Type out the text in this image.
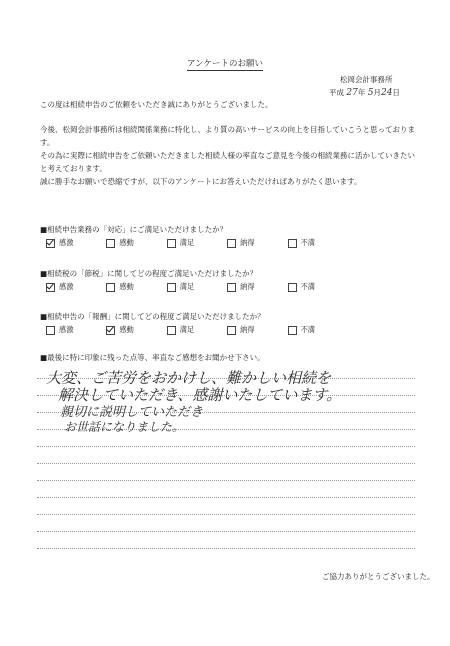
アンケートのお願い
松岡会計事務所
平成 27年 5月24日
この度は相続申告のご依頼をいただき誠にありがとうございました。
今後、松岡会計事務所は相続関係業務に特化し、より質の高いサービスの向上を目指していこうと思っております。
その為に実際に相続申告をご依頼いただきました相続人様の率直なご意見を今後の相続業務に活かしていきたいと考えております。
誠に勝手なお願いで恐縮ですが、以下のアンケートにお答えいただければありがたく思います。
■相続申告業務の「対応」にご満足いただけましたか？
感激	感動	満足	納得	不満
■相続税の「節税」に関してどの程度ご満足いただけましたか？
感激	感動	満足	納得	不満
■相続申告の「報酬」に関してどの程度ご満足いただけましたか？
感激	感動	満足	納得	不満
■最後に特に印象に残った点等、率直なご感想をお聞かせ下さい。
大変、ご苦労をおかけし、難かしい相続を
解決していただき、感謝いたしています。
親切に説明していただき
お世話になりました。
ご協力ありがとうございました。
